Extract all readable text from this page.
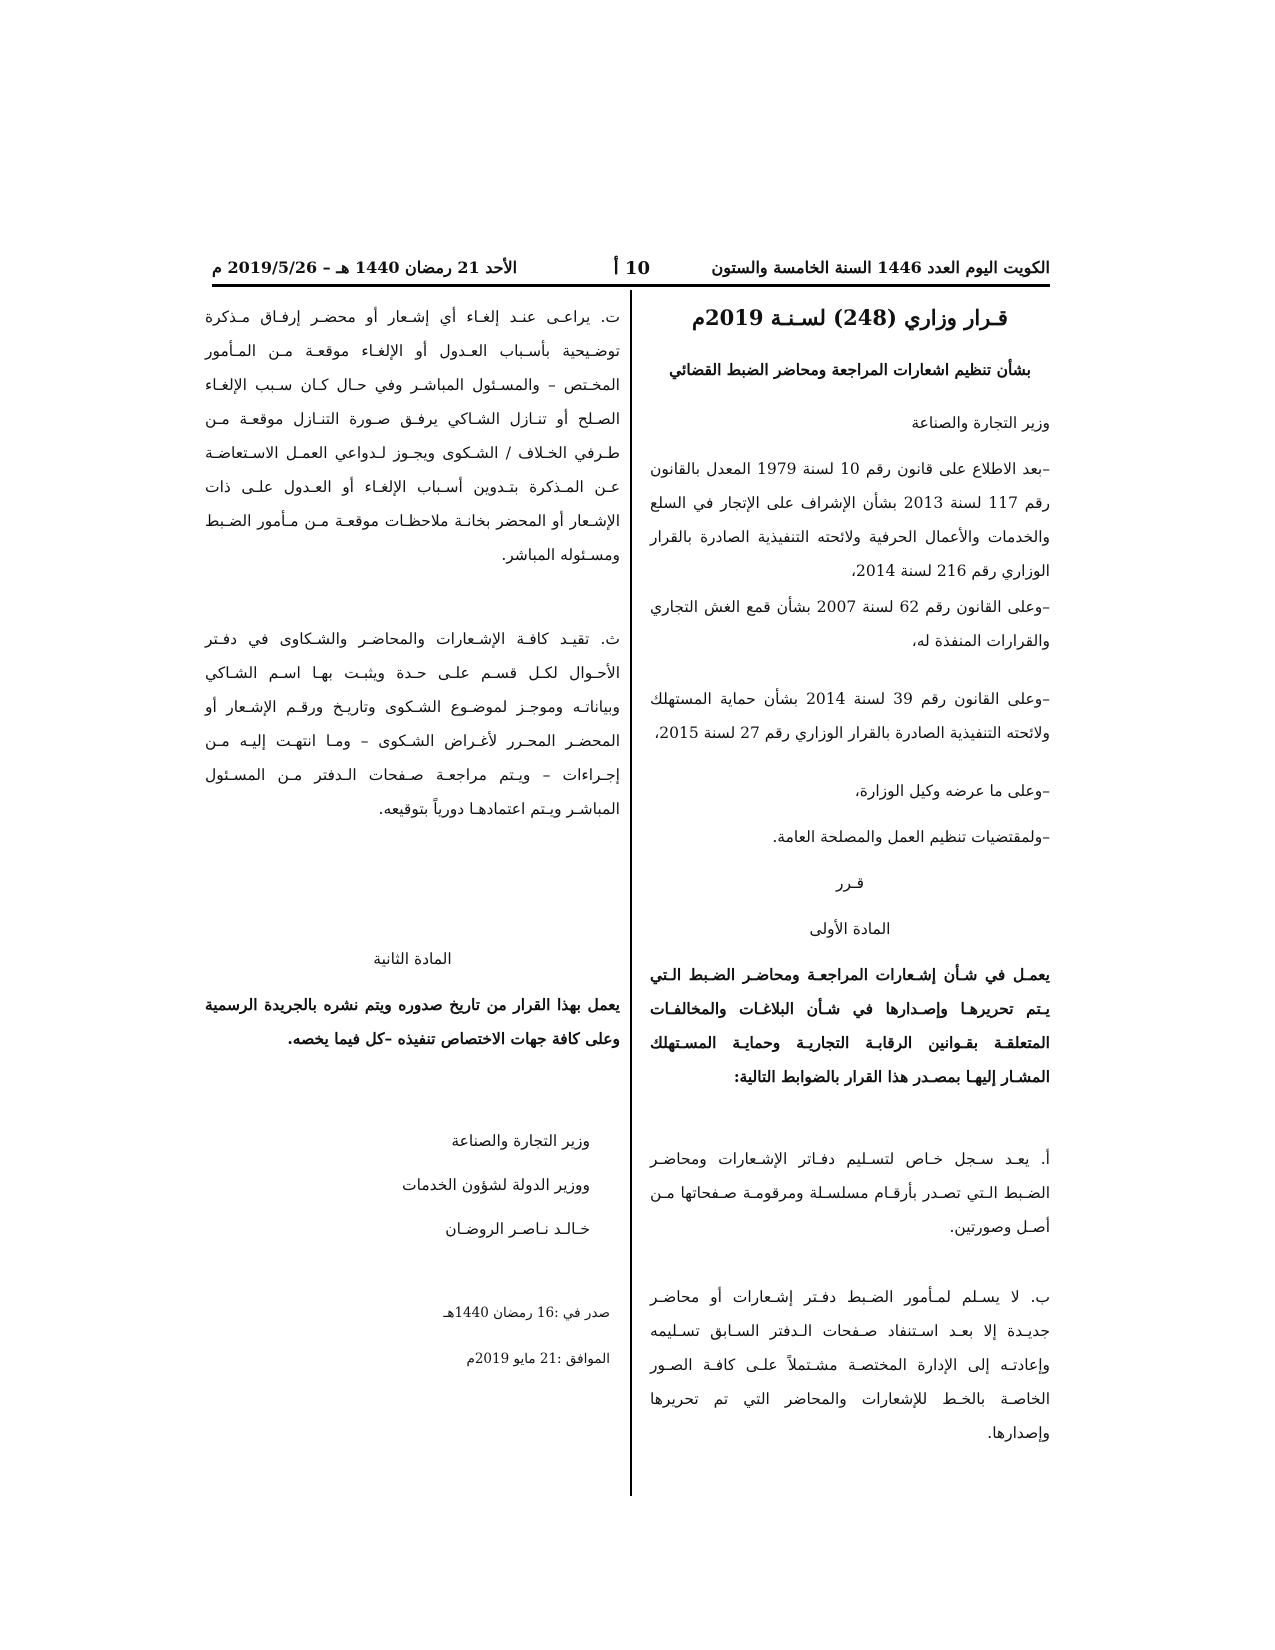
الكويت اليوم العدد 1446 السنة الخامسة والستون
10 أ
الأحد 21 رمضان 1440 هـ – 2019/5/26 م

قـرار وزاري (248) لسـنـة 2019م

بشأن تنظيم اشعارات المراجعة ومحاضر الضبط القضائي

وزير التجارة والصناعة

–بعد الاطلاع على قانون رقم 10 لسنة 1979 المعدل بالقانون رقم 117 لسنة 2013 بشأن الإشراف على الإتجار في السلع والخدمات والأعمال الحرفية ولائحته التنفيذية الصادرة بالقرار الوزاري رقم 216 لسنة 2014،

–وعلى القانون رقم 62 لسنة 2007 بشأن قمع الغش التجاري والقرارات المنفذة له،

–وعلى القانون رقم 39 لسنة 2014 بشأن حماية المستهلك ولائحته التنفيذية الصادرة بالقرار الوزاري رقم 27 لسنة 2015،

–وعلى ما عرضه وكيل الوزارة،

–ولمقتضيات تنظيم العمل والمصلحة العامة.

قـرر

المادة الأولى

يعمـل في شـأن إشـعارات المراجعـة ومحاضـر الضـبط الـتي يـتم تحريرهـا وإصـدارها في شـأن البلاغـات والمخالفـات المتعلقـة بقـوانين الرقابـة التجاريـة وحمايـة المسـتهلك المشـار إليهـا بمصـدر هذا القرار بالضوابط التالية:

أ. يعـد سـجل خـاص لتسـليم دفـاتر الإشـعارات ومحاضـر الضـبط الـتي تصـدر بأرقـام مسلسـلة ومرقومـة صـفحاتها مـن أصـل وصورتين.

ب. لا يسـلم لمـأمور الضـبط دفـتر إشـعارات أو محاضـر جديـدة إلا بعـد اسـتنفاد صـفحات الـدفتر السـابق تسـليمه وإعادتـه إلى الإدارة المختصـة مشـتملاً علـى كافـة الصـور الخاصـة بالخـط للإشعارات والمحاضر التي تم تحريرها وإصدارها.

ت. يراعـى عنـد إلغـاء أي إشـعار أو محضـر إرفـاق مـذكرة توضـيحية بأسـباب العـدول أو الإلغـاء موقعـة مـن المـأمور المخـتص – والمسـئول المباشـر وفي حـال كـان سـبب الإلغـاء الصـلح أو تنـازل الشـاكي يرفـق صـورة التنـازل موقعـة مـن طـرفي الخـلاف / الشـكوى ويجـوز لـدواعي العمـل الاسـتعاضـة عـن المـذكرة بتـدوين أسـباب الإلغـاء أو العـدول علـى ذات الإشـعار أو المحضر بخانـة ملاحظـات موقعـة مـن مـأمور الضـبط ومسـئوله المباشر.

ث. تقيـد كافـة الإشـعارات والمحاضـر والشـكاوى في دفـتر الأحـوال لكـل قسـم علـى حـدة ويثبـت بهـا اسـم الشـاكي وبياناتـه وموجـز لموضـوع الشـكوى وتاريـخ ورقـم الإشـعار أو المحضـر المحـرر لأغـراض الشـكوى – ومـا انتهـت إليـه مـن إجـراءات – ويـتم مراجعـة صـفحات الـدفتر مـن المسـئول المباشـر ويـتم اعتمادهـا دورياً بتوقيعه.

المادة الثانية

يعمل بهذا القرار من تاريخ صدوره ويتم نشره بالجريدة الرسمية وعلى كافة جهات الاختصاص تنفيذه –كل فيما يخصه.

وزير التجارة والصناعة

ووزير الدولة لشؤون الخدمات

خـالـد نـاصـر الروضـان

صدر في :16 رمضان 1440هـ

الموافق :21 مايو 2019م
